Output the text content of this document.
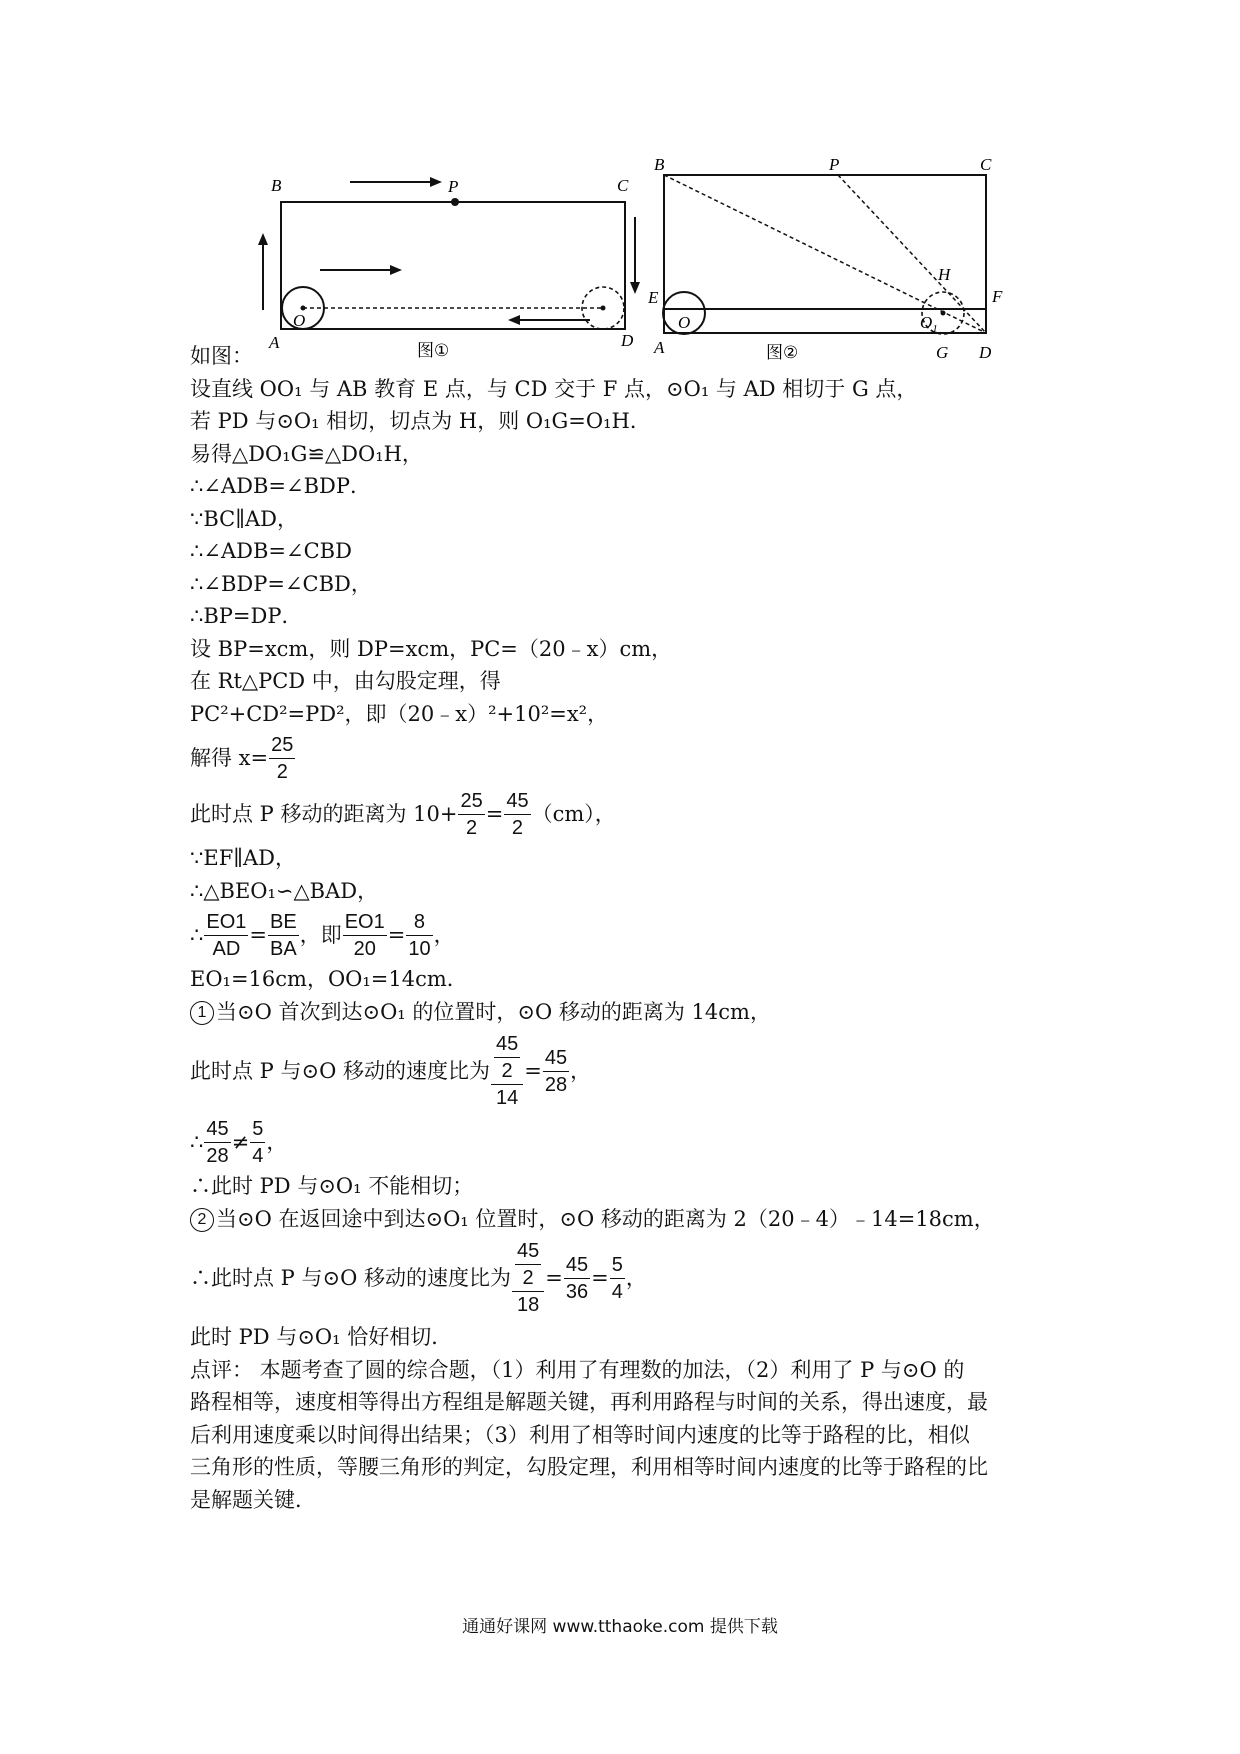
B	P	C
O
A	D
图①
B	P	C
H
E	F
O	$O_1$
A	G D
图②
如图：
设直线 OO₁ 与 AB 教育 E 点，与 CD 交于 F 点，⊙O₁ 与 AD 相切于 G 点，
若 PD 与⊙O₁ 相切，切点为 H，则 O₁G=O₁H．
易得△DO₁G≌△DO₁H，
∴∠ADB=∠BDP．
∵BC∥AD，
∴∠ADB=∠CBD
∴∠BDP=∠CBD，
∴BP=DP．
设 BP=xcm，则 DP=xcm，PC=（20﹣x）cm，
在 Rt△PCD 中，由勾股定理，得
PC²+CD²=PD²，即（20﹣x）²+10²=x²，
解得 $x= \frac{25}{2}$
此时点 P 移动的距离为 $10+ \frac{25}{2} = \frac{45}{2} (cm)$，
∵EF∥AD，
∴△BEO₁∽△BAD，
∴ $\frac{EO1}{AD} = \frac{BE}{BA}$ ，即 $\frac{EO1}{20} = \frac{8}{10}$ ，
EO₁=16cm，OO₁=14cm．
1 当⊙O 首次到达⊙O₁ 的位置时，⊙O 移动的距离为 14cm，
此时点 P 与⊙O 移动的速度比为 $\frac{\frac{45}{2}}{14} = \frac{45}{28}$ ，
∴ $\frac{45}{28} \ne \frac{5}{4}$ ，
∴此时 PD 与⊙O₁ 不能相切；
2 当⊙O 在返回途中到达⊙O₁ 位置时，⊙O 移动的距离为 2（20﹣4）﹣14=18cm，
∴此时点 P 与⊙O 移动的速度比为 $\frac{\frac{45}{2}}{18} = \frac{45}{36} = \frac{5}{4}$ ，
此时 PD 与⊙O₁ 恰好相切．
点评： 本题考查了圆的综合题，（1）利用了有理数的加法，（2）利用了 P 与⊙O 的
路程相等，速度相等得出方程组是解题关键，再利用路程与时间的关系，得出速度，最
后利用速度乘以时间得出结果；（3）利用了相等时间内速度的比等于路程的比，相似
三角形的性质，等腰三角形的判定，勾股定理，利用相等时间内速度的比等于路程的比
是解题关键．
通通好课网 www.tthaoke.com 提供下载
